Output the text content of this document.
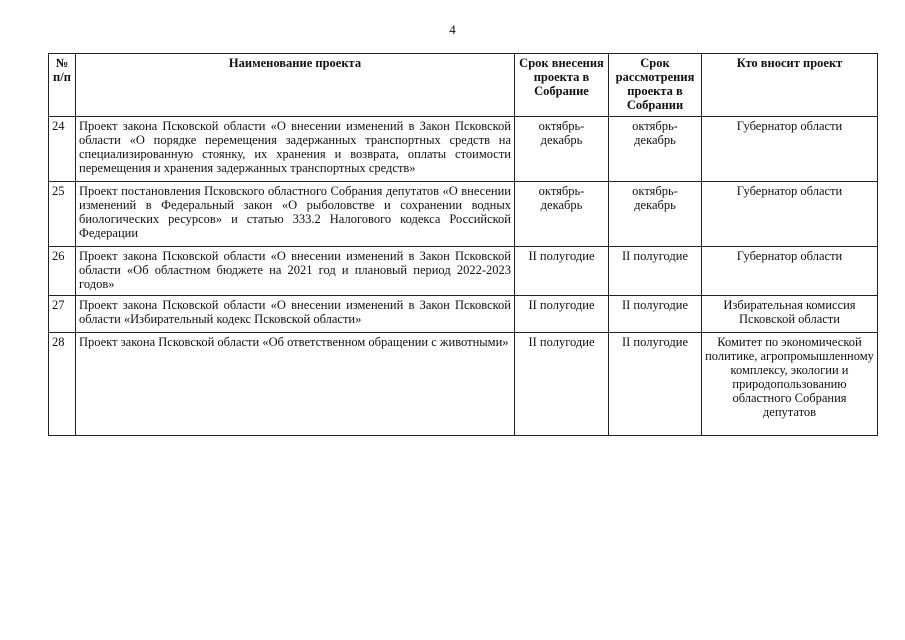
4
№ п/п	Наименование проекта	Срок внесения проекта в Собрание	Срок рассмотрения проекта в Собрании	Кто вносит проект
24	Проект закона Псковской области «О внесении изменений в Закон Псковской области «О порядке перемещения задержанных транспортных средств на специализированную стоянку, их хранения и возврата, оплаты стоимости перемещения и хранения задержанных транспортных средств»	октябрь-декабрь	октябрь-декабрь	Губернатор области
25	Проект постановления Псковского областного Собрания депутатов «О внесении изменений в Федеральный закон «О рыболовстве и сохранении водных биологических ресурсов» и статью 333.2 Налогового кодекса Российской Федерации	октябрь-декабрь	октябрь-декабрь	Губернатор области
26	Проект закона Псковской области «О внесении изменений в Закон Псковской области «Об областном бюджете на 2021 год и плановый период 2022-2023 годов»	II полугодие	II полугодие	Губернатор области
27	Проект закона Псковской области «О внесении изменений в Закон Псковской области «Избирательный кодекс Псковской области»	II полугодие	II полугодие	Избирательная комиссия Псковской области
28	Проект закона Псковской области «Об ответственном обращении с животными»	II полугодие	II полугодие	Комитет по экономической политике, агропромышленному комплексу, экологии и природопользованию областного Собрания депутатов
